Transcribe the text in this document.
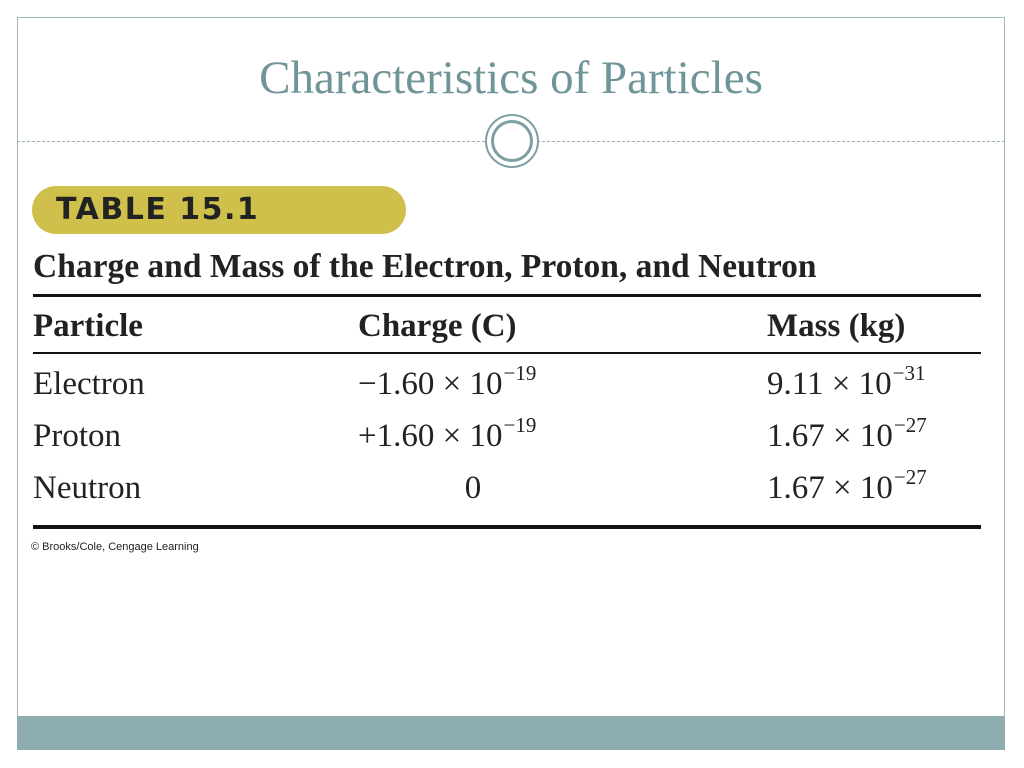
Characteristics of Particles
TABLE 15.1
Charge and Mass of the Electron, Proton, and Neutron
Particle	Charge (C)	Mass (kg)
Electron	$-1.60 \times 10^{-19}$	$9.11 \times 10^{-31}$
Proton	$+1.60 \times 10^{-19}$	$1.67 \times 10^{-27}$
Neutron	0	$1.67 \times 10^{-27}$
© Brooks/Cole, Cengage Learning
